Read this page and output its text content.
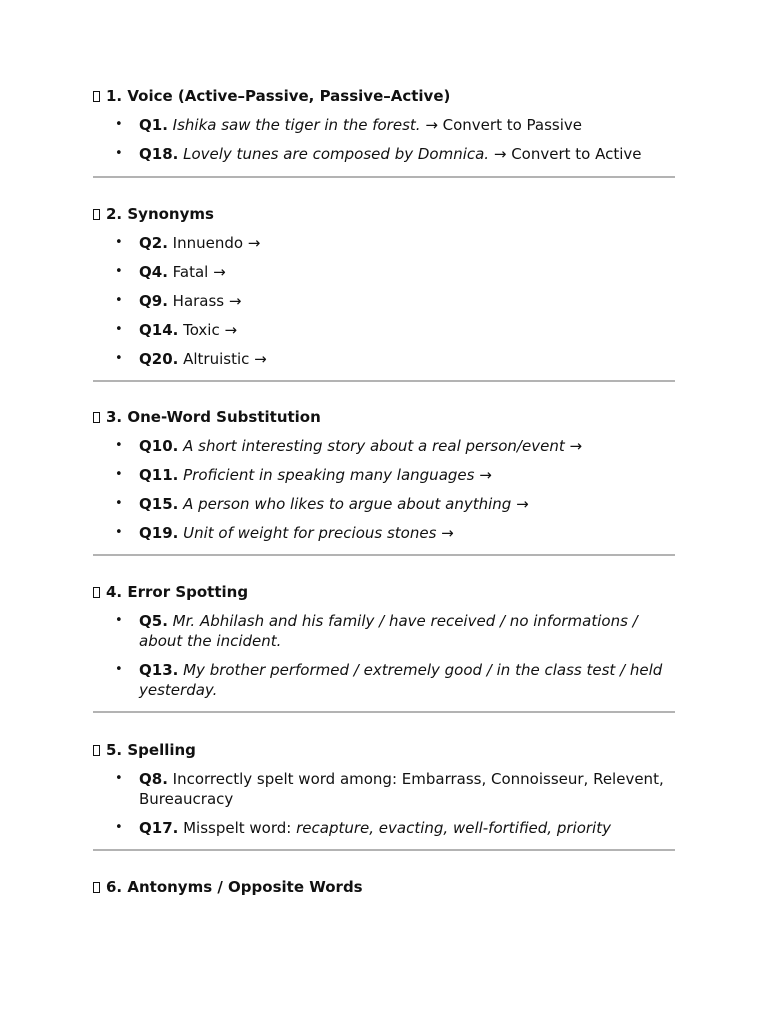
1. Voice (Active–Passive, Passive–Active)
• Q1. Ishika saw the tiger in the forest. → Convert to Passive
• Q18. Lovely tunes are composed by Domnica. → Convert to Active
2. Synonyms
• Q2. Innuendo →
• Q4. Fatal →
• Q9. Harass →
• Q14. Toxic →
• Q20. Altruistic →
3. One-Word Substitution
• Q10. A short interesting story about a real person/event →
• Q11. Proficient in speaking many languages →
• Q15. A person who likes to argue about anything →
• Q19. Unit of weight for precious stones →
4. Error Spotting
• Q5. Mr. Abhilash and his family / have received / no informations / about the incident.
• Q13. My brother performed / extremely good / in the class test / held yesterday.
5. Spelling
• Q8. Incorrectly spelt word among: Embarrass, Connoisseur, Relevent, Bureaucracy
• Q17. Misspelt word: recapture, evacting, well-fortified, priority
6. Antonyms / Opposite Words
